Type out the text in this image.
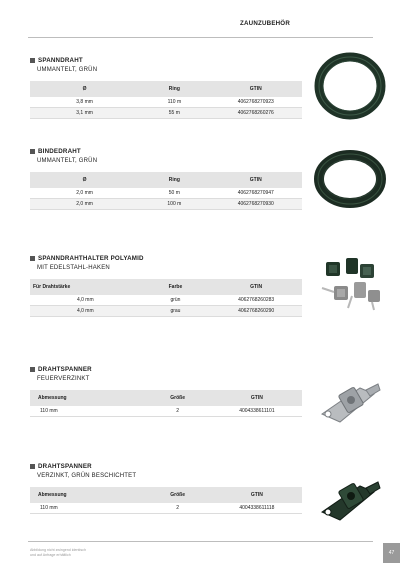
ZAUNZUBEHÖR
SPANNDRAHT
UMMANTELT, GRÜN
Ø	Ring	GTIN
3,8 mm	110 m	4062768270923
3,1 mm	55 m	4062768260276
BINDEDRAHT
UMMANTELT, GRÜN
Ø	Ring	GTIN
2,0 mm	50 m	4062768270947
2,0 mm	100 m	4062768270930
SPANNDRAHTHALTER POLYAMID
MIT EDELSTAHL-HAKEN
Für Drahtstärke	Farbe	GTIN
4,0 mm	grün	4062768260283
4,0 mm	grau	4062768260290
DRAHTSPANNER
FEUERVERZINKT
Abmessung	Größe	GTIN
110 mm	2	4004338611101
DRAHTSPANNER
VERZINKT, GRÜN BESCHICHTET
Abmessung	Größe	GTIN
110 mm	2	4004338611118
Abbildung nicht zwingend identisch
und auf Anfrage erhältlich	47
